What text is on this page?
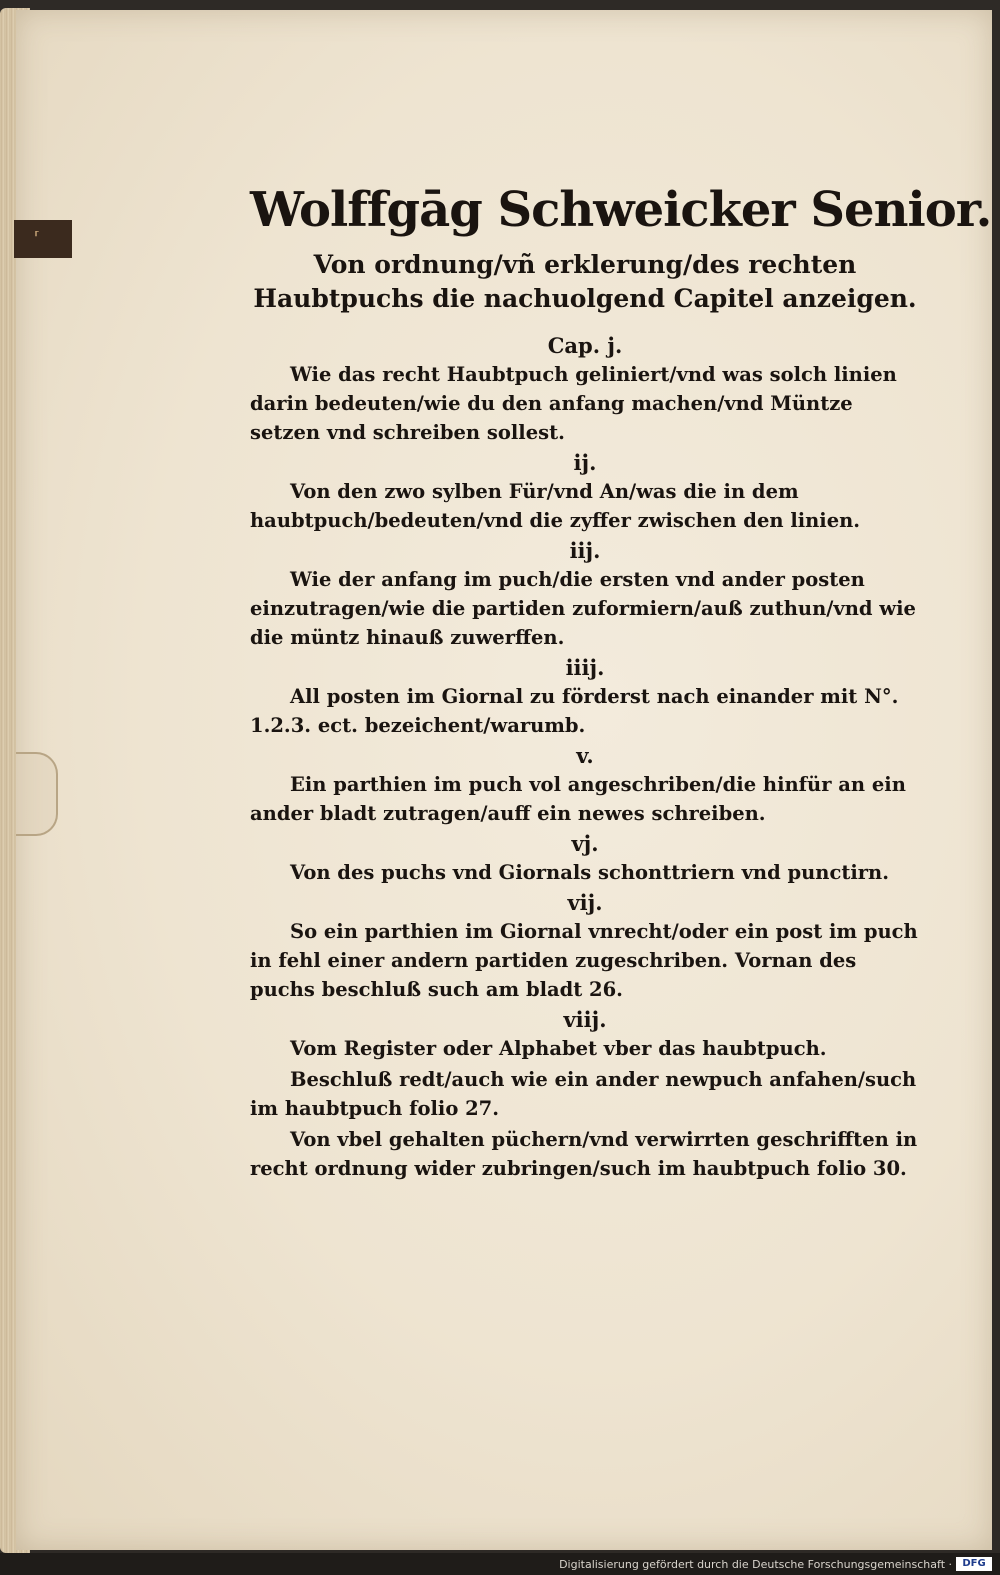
⸢	Wolffgāg Schweicker Senior.
Von ordnung/vñ erklerung/des rechten Haubtpuchs die nachuolgend Capitel anzeigen.

Cap. j.

Wie das recht Haubtpuch geliniert/vnd was solch linien darin bedeuten/wie du den anfang machen/vnd Müntze setzen vnd schreiben sollest.

ij.

Von den zwo sylben Für/vnd An/was die in dem haubtpuch/bedeuten/vnd die zyffer zwischen den linien.

iij.

Wie der anfang im puch/die ersten vnd ander posten einzutragen/wie die partiden zuformiern/auß zuthun/vnd wie die müntz hinauß zuwerffen.

iiij.

All posten im Giornal zu förderst nach einander mit N°. 1.2.3. ect. bezeichent/warumb.

v.

Ein parthien im puch vol angeschriben/die hinfür an ein ander bladt zutragen/auff ein newes schreiben.

vj.

Von des puchs vnd Giornals schonttriern vnd punctirn.

vij.

So ein parthien im Giornal vnrecht/oder ein post im puch in fehl einer andern partiden zugeschriben. Vornan des puchs beschluß such am bladt 26.

viij.

Vom Register oder Alphabet vber das haubtpuch.

Beschluß redt/auch wie ein ander newpuch anfahen/such im haubtpuch folio 27.

Von vbel gehalten püchern/vnd verwirrten geschrifften in recht ordnung wider zubringen/such im haubtpuch folio 30.

Digitalisierung gefördert durch die Deutsche Forschungsgemeinschaft ·	DFG
